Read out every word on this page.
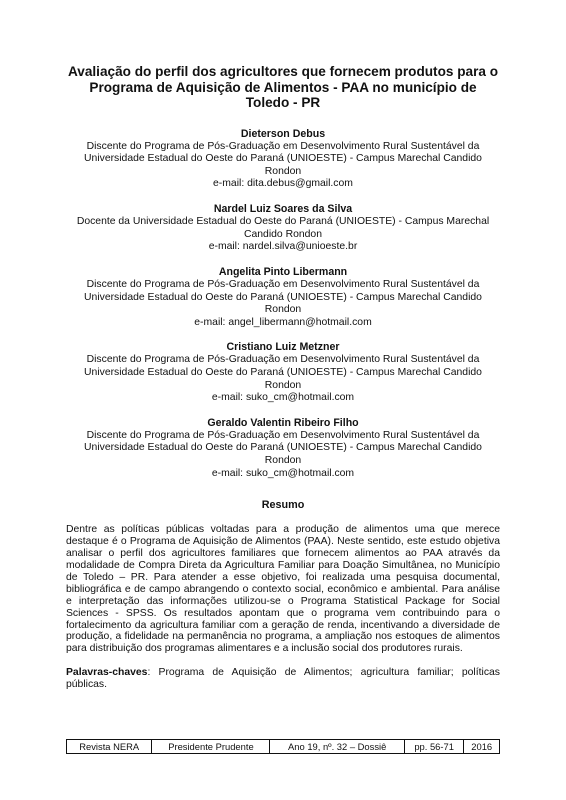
Avaliação do perfil dos agricultores que fornecem produtos para o Programa de Aquisição de Alimentos - PAA no município de Toledo - PR
Dieterson Debus
Discente do Programa de Pós-Graduação em Desenvolvimento Rural Sustentável da Universidade Estadual do Oeste do Paraná (UNIOESTE) - Campus Marechal Candido Rondon
e-mail: dita.debus@gmail.com
Nardel Luiz Soares da Silva
Docente da Universidade Estadual do Oeste do Paraná (UNIOESTE) - Campus Marechal Candido Rondon
e-mail: nardel.silva@unioeste.br
Angelita Pinto Libermann
Discente do Programa de Pós-Graduação em Desenvolvimento Rural Sustentável da Universidade Estadual do Oeste do Paraná (UNIOESTE) - Campus Marechal Candido Rondon
e-mail: angel_libermann@hotmail.com
Cristiano Luiz Metzner
Discente do Programa de Pós-Graduação em Desenvolvimento Rural Sustentável da Universidade Estadual do Oeste do Paraná (UNIOESTE) - Campus Marechal Candido Rondon
e-mail: suko_cm@hotmail.com
Geraldo Valentin Ribeiro Filho
Discente do Programa de Pós-Graduação em Desenvolvimento Rural Sustentável da Universidade Estadual do Oeste do Paraná (UNIOESTE) - Campus Marechal Candido Rondon
e-mail: suko_cm@hotmail.com
Resumo

Dentre as políticas públicas voltadas para a produção de alimentos uma que merece destaque é o Programa de Aquisição de Alimentos (PAA). Neste sentido, este estudo objetiva analisar o perfil dos agricultores familiares que fornecem alimentos ao PAA através da modalidade de Compra Direta da Agricultura Familiar para Doação Simultânea, no Município de Toledo – PR. Para atender a esse objetivo, foi realizada uma pesquisa documental, bibliográfica e de campo abrangendo o contexto social, econômico e ambiental. Para análise e interpretação das informações utilizou-se o Programa Statistical Package for Social Sciences - SPSS. Os resultados apontam que o programa vem contribuindo para o fortalecimento da agricultura familiar com a geração de renda, incentivando a diversidade de produção, a fidelidade na permanência no programa, a ampliação nos estoques de alimentos para distribuição dos programas alimentares e a inclusão social dos produtores rurais.

Palavras-chaves: Programa de Aquisição de Alimentos; agricultura familiar; políticas públicas.

Revista NERA	Presidente Prudente	Ano 19, nº. 32 – Dossiê	pp. 56-71	2016
